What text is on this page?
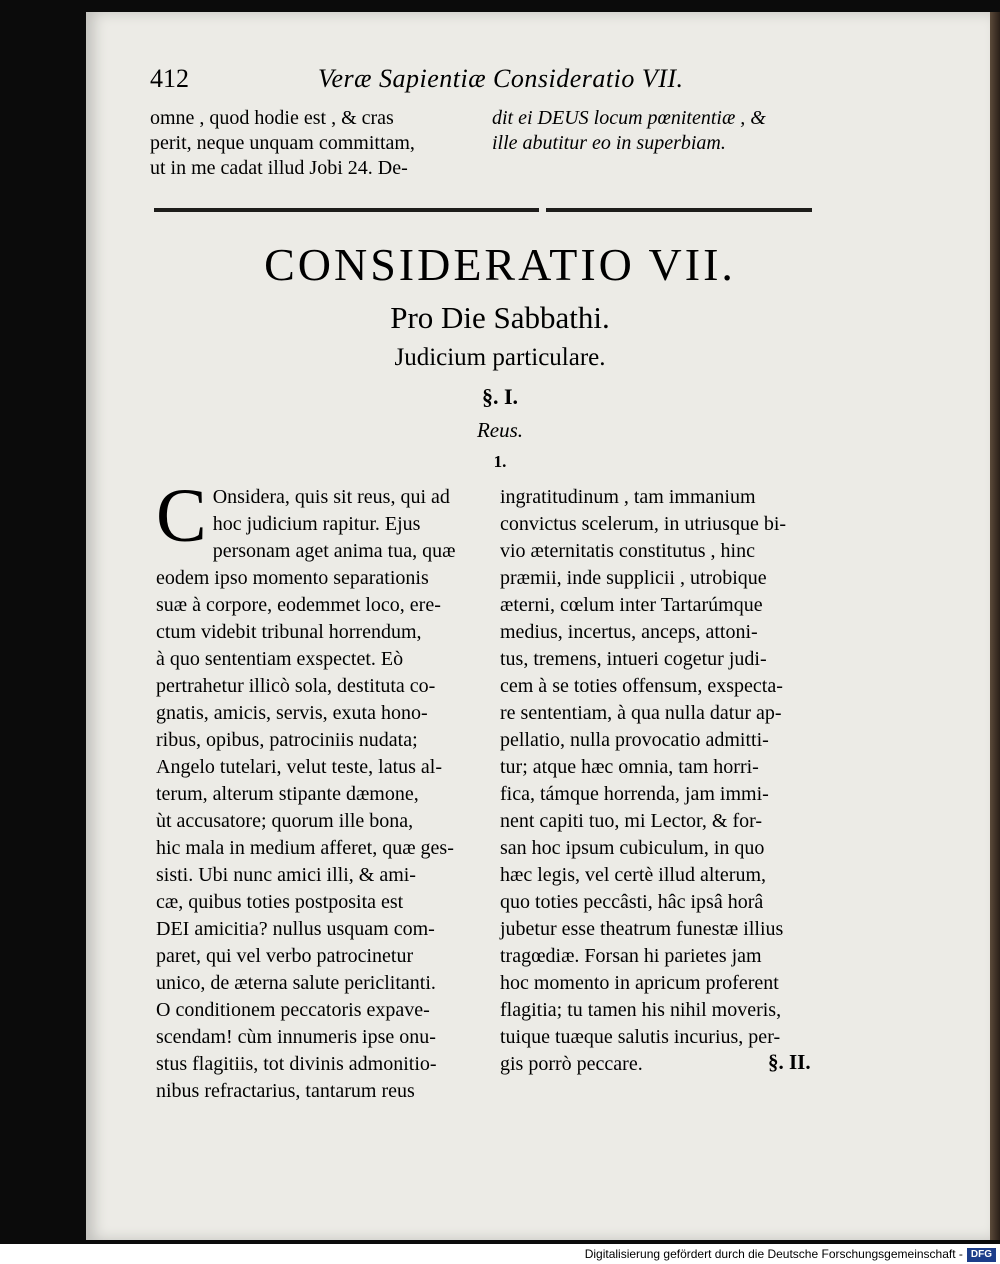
412	Veræ Sapientiæ Consideratio VII.
omne , quod hodie est , & cras
perit, neque unquam committam,
ut in me cadat illud Jobi 24. De-
dit ei DEUS locum pœnitentiæ , &
ille abutitur eo in superbiam.
CONSIDERATIO VII.
Pro Die Sabbathi.
Judicium particulare.
§. I.
Reus.
1.
C Onsidera, quis sit reus, qui ad
hoc judicium rapitur. Ejus
personam aget anima tua, quæ
eodem ipso momento separationis
suæ à corpore, eodemmet loco, ere-
ctum videbit tribunal horrendum,
à quo sententiam exspectet. Eò
pertrahetur illicò sola, destituta co-
gnatis, amicis, servis, exuta hono-
ribus, opibus, patrociniis nudata;
Angelo tutelari, velut teste, latus al-
terum, alterum stipante dæmone,
ùt accusatore; quorum ille bona,
hic mala in medium afferet, quæ ges-
sisti. Ubi nunc amici illi, & ami-
cæ, quibus toties postposita est
DEI amicitia? nullus usquam com-
paret, qui vel verbo patrocinetur
unico, de æterna salute periclitanti.
O conditionem peccatoris expave-
scendam! cùm innumeris ipse onu-
stus flagitiis, tot divinis admonitio-
nibus refractarius, tantarum reus
ingratitudinum , tam immanium
convictus scelerum, in utriusque bi-
vio æternitatis constitutus , hinc
præmii, inde supplicii , utrobique
æterni, cœlum inter Tartarúmque
medius, incertus, anceps, attoni-
tus, tremens, intueri cogetur judi-
cem à se toties offensum, exspecta-
re sententiam, à qua nulla datur ap-
pellatio, nulla provocatio admitti-
tur; atque hæc omnia, tam horri-
fica, támque horrenda, jam immi-
nent capiti tuo, mi Lector, & for-
san hoc ipsum cubiculum, in quo
hæc legis, vel certè illud alterum,
quo toties peccâsti, hâc ipsâ horâ
jubetur esse theatrum funestæ illius
tragœdiæ. Forsan hi parietes jam
hoc momento in apricum proferent
flagitia; tu tamen his nihil moveris,
tuique tuæque salutis incurius, per-
gis porrò peccare.	§. II.
Digitalisierung gefördert durch die Deutsche Forschungsgemeinschaft - DFG
